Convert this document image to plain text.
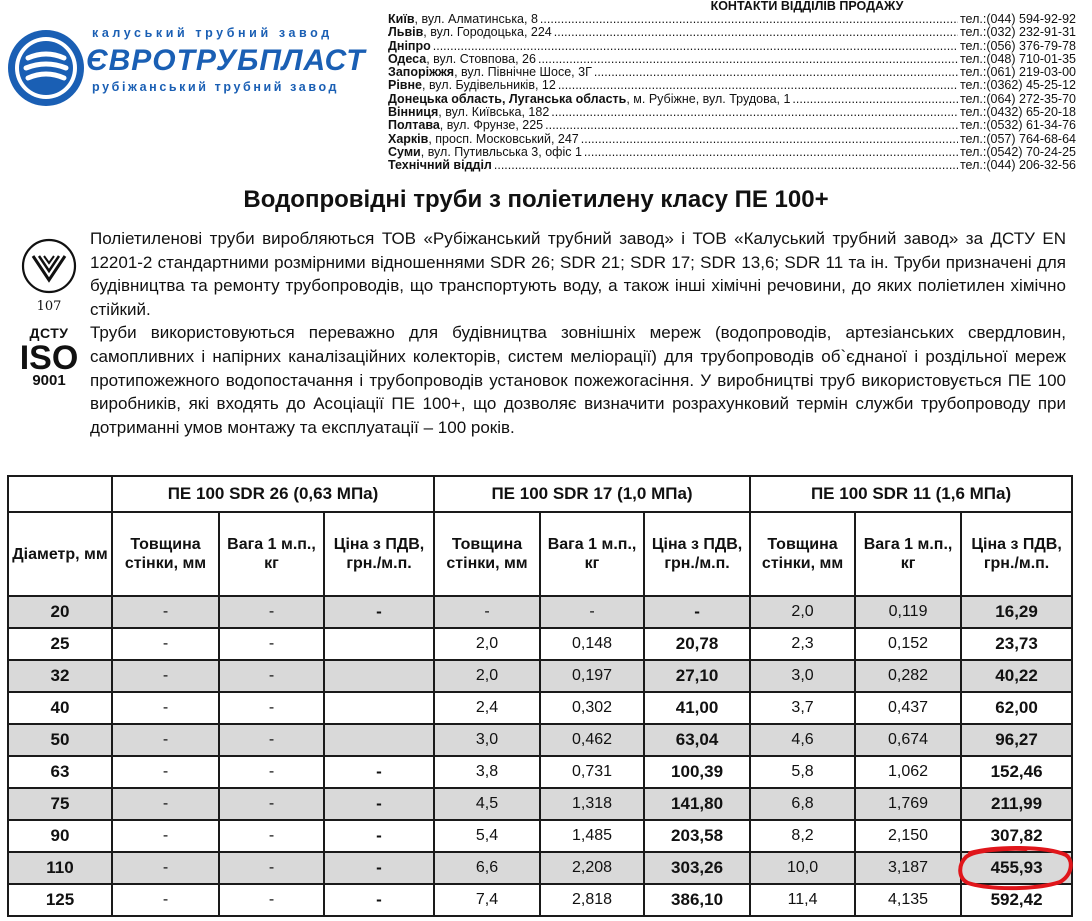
калуський трубний завод
ЄВРОТРУБПЛАСТ
рубіжанський трубний завод
КОНТАКТИ ВІДДІЛІВ ПРОДАЖУ
Київ , вул. Алматинська, 8 .....	тел.: (044) 594-92-92
Львів , вул. Городоцька, 224 .....	тел.: (032) 232-91-31
Дніпро .....	тел.: (056) 376-79-78
Одеса , вул. Стовпова, 26 .....	тел.: (048) 710-01-35
Запоріжжя , вул. Північне Шосе, 3Г .....	тел.: (061) 219-03-00
Рівне , вул. Будівельників, 12 .....	тел.: (0362) 45-25-12
Донецька область, Луганська область , м. Рубіжне, вул. Трудова, 1 .....	тел.: (064) 272-35-70
Вінниця , вул. Київська, 182 .....	тел.: (0432) 65-20-18
Полтава , вул. Фрунзе, 225 .....	тел.: (0532) 61-34-76
Харків , просп. Московський, 247 .....	тел.: (057) 764-68-64
Суми , вул. Путивльська 3, офіс 1 .....	тел.: (0542) 70-24-25
Технічний відділ .....	тел.: (044) 206-32-56
Водопровідні труби з поліетилену класу ПЕ 100+
107
ДСТУ
ISO
9001

Поліетиленові труби виробляються ТОВ «Рубіжанський трубний завод» і ТОВ «Калуський трубний завод» за ДСТУ EN 12201-2 стандартними розмірними відношеннями SDR 26; SDR 21; SDR 17; SDR 13,6; SDR 11 та ін. Труби призначені для будівництва та ремонту трубопроводів, що транспортують воду, а також інші хімічні речовини, до яких поліетилен хімічно стійкий.

Труби використовуються переважно для будівництва зовнішніх мереж (водопроводів, артезіанських свердловин, самопливних і напірних каналізаційних колекторів, систем меліорації) для трубопроводів об`єднаної і роздільної мереж протипожежного водопостачання і трубопроводів установок пожежогасіння. У виробництві труб використовується ПЕ 100 виробників, які входять до Асоціації ПЕ 100+, що дозволяє визначити розрахунковий термін служби трубопроводу при дотриманні умов монтажу та експлуатації – 100 років.

	ПЕ 100 SDR 26 (0,63 МПа)			ПЕ 100 SDR 17 (1,0 МПа)			ПЕ 100 SDR 11 (1,6 МПа)		
Діаметр, мм	Товщина стінки, мм	Вага 1 м.п., кг	Ціна з ПДВ, грн./м.п.	Товщина стінки, мм	Вага 1 м.п., кг	Ціна з ПДВ, грн./м.п.	Товщина стінки, мм	Вага 1 м.п., кг	Ціна з ПДВ, грн./м.п.
20	-	-	-	-	-	-	2,0	0,119	16,29
25	-	-		2,0	0,148	20,78	2,3	0,152	23,73
32	-	-		2,0	0,197	27,10	3,0	0,282	40,22
40	-	-		2,4	0,302	41,00	3,7	0,437	62,00
50	-	-		3,0	0,462	63,04	4,6	0,674	96,27
63	-	-	-	3,8	0,731	100,39	5,8	1,062	152,46
75	-	-	-	4,5	1,318	141,80	6,8	1,769	211,99
90	-	-	-	5,4	1,485	203,58	8,2	2,150	307,82
110	-	-	-	6,6	2,208	303,26	10,0	3,187	455,93
125	-	-	-	7,4	2,818	386,10	11,4	4,135	592,42
